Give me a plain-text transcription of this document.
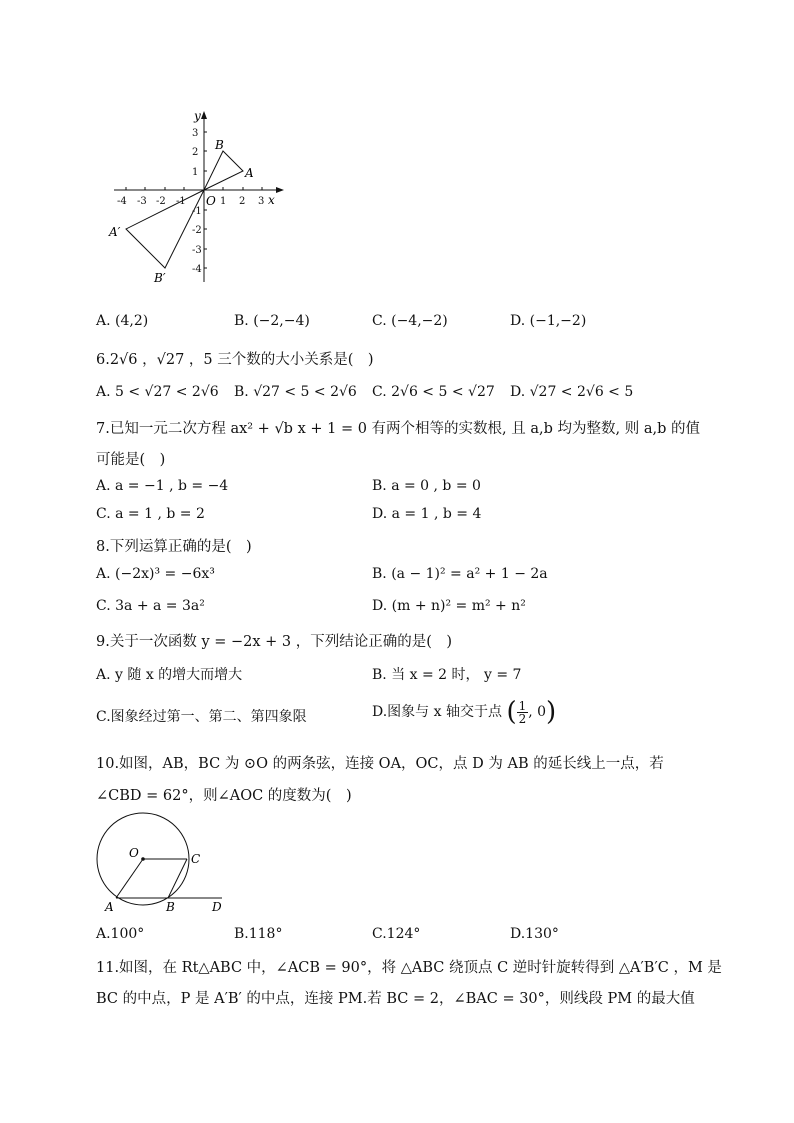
-4 -3 -2 -1	1 2 3
3
2
1
-1
-2
-3
-4
x
y
O
A
B
A′
B′
A. (4,2)	B. (−2,−4)	C. (−4,−2)	D. (−1,−2)
6.2√6 ，√27 ，5 三个数的大小关系是(　)
A. 5 < √27 < 2√6 B. √27 < 5 < 2√6 C. 2√6 < 5 < √27 D. √27 < 2√6 < 5
7.已知一元二次方程 ax² + √b x + 1 = 0 有两个相等的实数根, 且 a,b 均为整数, 则 a,b 的值
可能是(　)
A. a = −1 , b = −4	B. a = 0 , b = 0
C. a = 1 , b = 2	D. a = 1 , b = 4
8.下列运算正确的是(　)
A. (−2x)³ = −6x³	B. (a − 1)² = a² + 1 − 2a
C. 3a + a = 3a²	D. (m + n)² = m² + n²
9.关于一次函数 y = −2x + 3 ，下列结论正确的是(　)
A. y 随 x 的增大而增大	B. 当 x = 2 时， y = 7
C.图象经过第一、第二、第四象限	D.图象与 x 轴交于点 ( $\frac{1}{2}$ , 0)
10.如图，AB，BC 为 ⊙O 的两条弦，连接 OA，OC，点 D 为 AB 的延长线上一点，若
∠CBD = 62°，则∠AOC 的度数为(　)
O	C
A	B	D
A.100°	B.118°	C.124°	D.130°
11.如图，在 Rt△ABC 中，∠ACB = 90°，将 △ABC 绕顶点 C 逆时针旋转得到 △A′B′C ，M 是
BC 的中点，P 是 A′B′ 的中点，连接 PM.若 BC = 2，∠BAC = 30°，则线段 PM 的最大值
